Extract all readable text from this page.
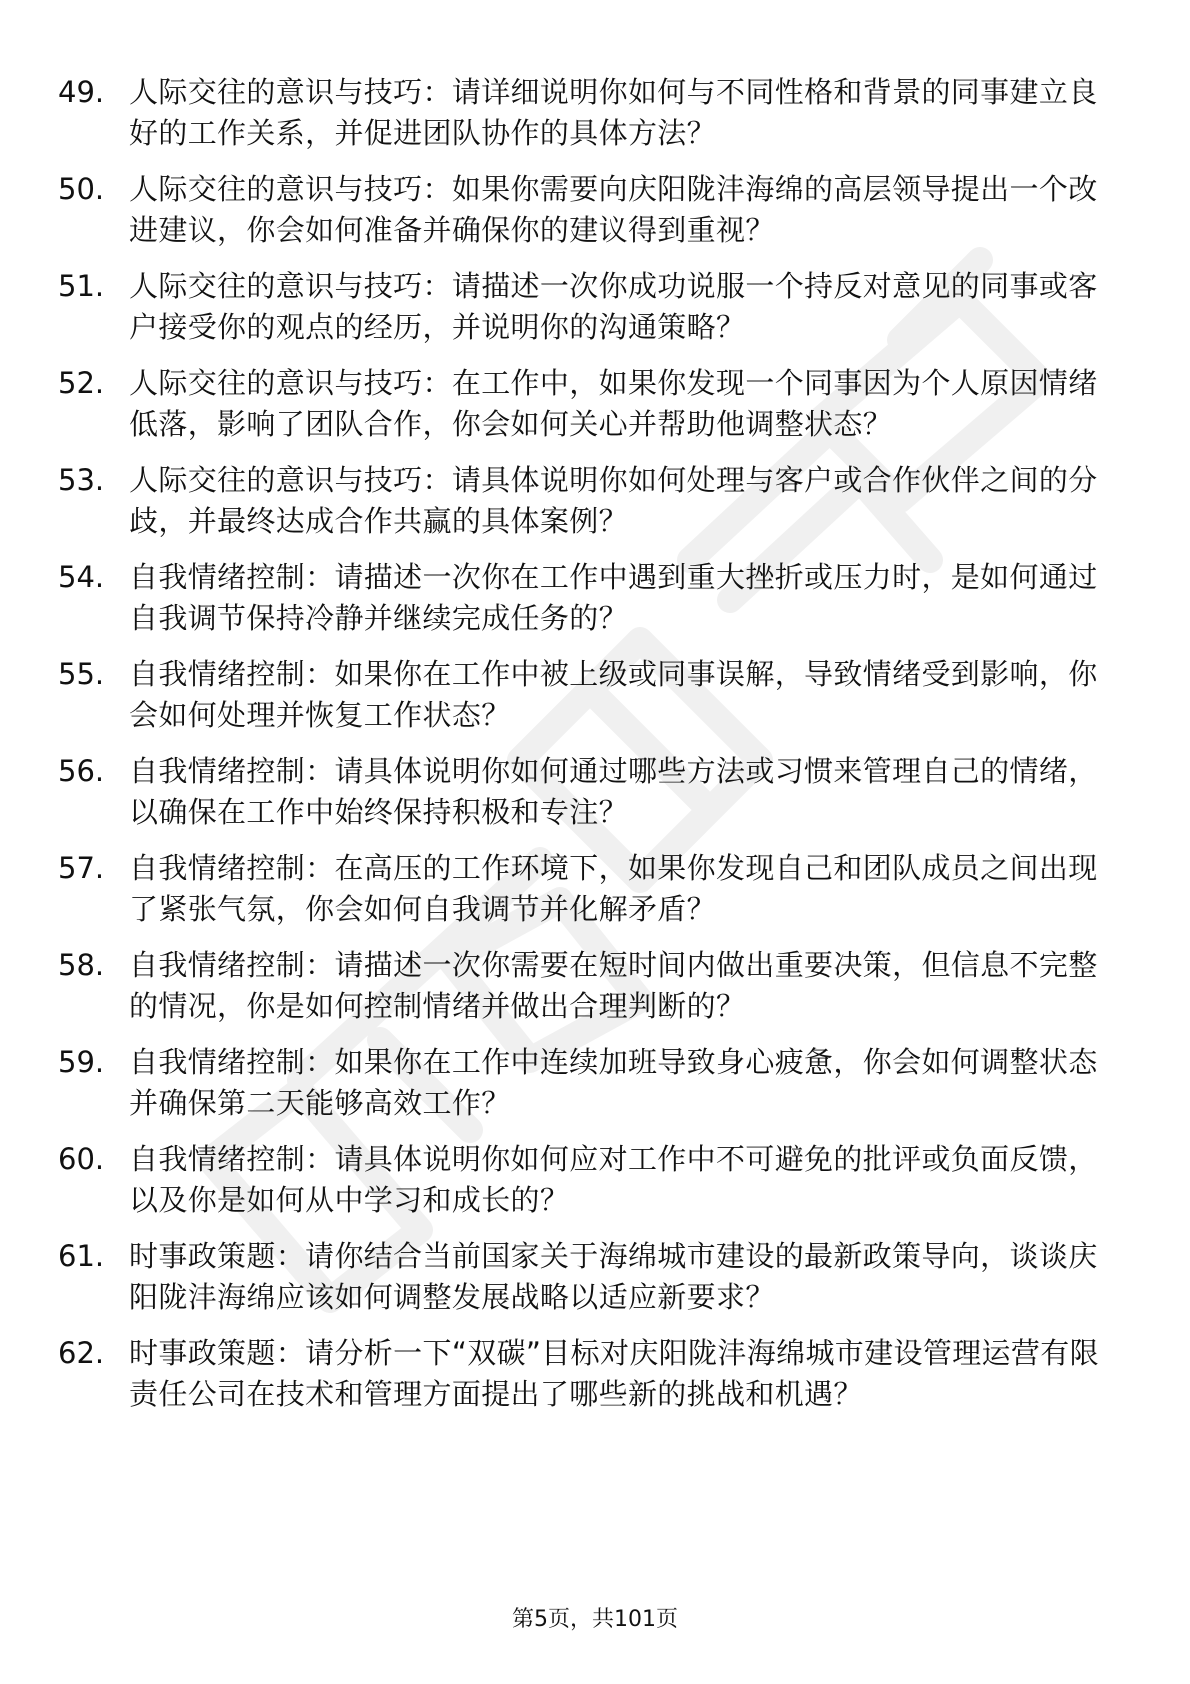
49. 人际交往的意识与技巧：请详细说明你如何与不同性格和背景的同事建立良好的工作关系，并促进团队协作的具体方法？
50. 人际交往的意识与技巧：如果你需要向庆阳陇沣海绵的高层领导提出一个改进建议，你会如何准备并确保你的建议得到重视？
51. 人际交往的意识与技巧：请描述一次你成功说服一个持反对意见的同事或客户接受你的观点的经历，并说明你的沟通策略？
52. 人际交往的意识与技巧：在工作中，如果你发现一个同事因为个人原因情绪低落，影响了团队合作，你会如何关心并帮助他调整状态？
53. 人际交往的意识与技巧：请具体说明你如何处理与客户或合作伙伴之间的分歧，并最终达成合作共赢的具体案例？
54. 自我情绪控制：请描述一次你在工作中遇到重大挫折或压力时，是如何通过自我调节保持冷静并继续完成任务的？
55. 自我情绪控制：如果你在工作中被上级或同事误解，导致情绪受到影响，你会如何处理并恢复工作状态？
56. 自我情绪控制：请具体说明你如何通过哪些方法或习惯来管理自己的情绪，以确保在工作中始终保持积极和专注？
57. 自我情绪控制：在高压的工作环境下，如果你发现自己和团队成员之间出现了紧张气氛，你会如何自我调节并化解矛盾？
58. 自我情绪控制：请描述一次你需要在短时间内做出重要决策，但信息不完整的情况，你是如何控制情绪并做出合理判断的？
59. 自我情绪控制：如果你在工作中连续加班导致身心疲惫，你会如何调整状态并确保第二天能够高效工作？
60. 自我情绪控制：请具体说明你如何应对工作中不可避免的批评或负面反馈，以及你是如何从中学习和成长的？
61. 时事政策题：请你结合当前国家关于海绵城市建设的最新政策导向，谈谈庆阳陇沣海绵应该如何调整发展战略以适应新要求？
62. 时事政策题：请分析一下“双碳”目标对庆阳陇沣海绵城市建设管理运营有限责任公司在技术和管理方面提出了哪些新的挑战和机遇？
第5页，共101页
